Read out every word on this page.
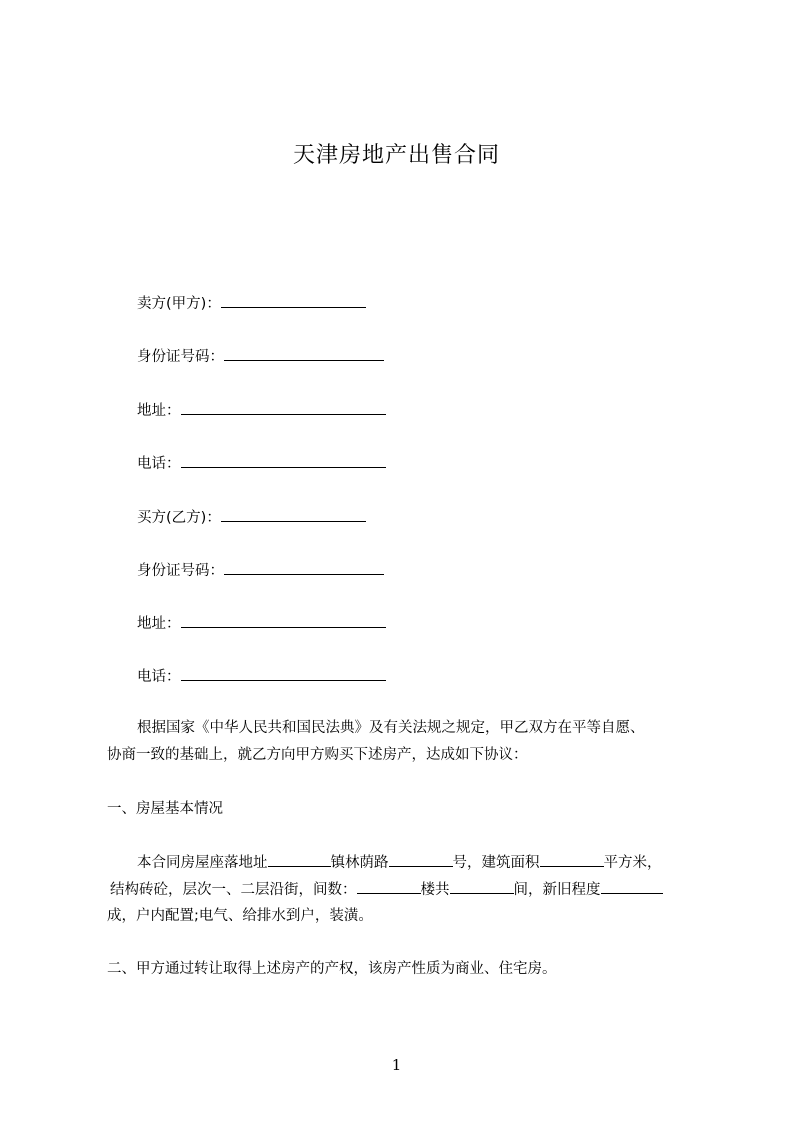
天津房地产出售合同
卖方(甲方)：
身份证号码：
地址：
电话：
买方(乙方)：
身份证号码：
地址：
电话：
根据国家《中华人民共和国民法典》及有关法规之规定，甲乙双方在平等自愿、
协商一致的基础上，就乙方向甲方购买下述房产，达成如下协议：
一、房屋基本情况
本合同房屋座落地址	镇林荫路	号，建筑面积	平方米，
结构砖砼，层次一、二层沿街，间数：	楼共	间，新旧程度
成，户内配置;电气、给排水到户，装潢。
二、甲方通过转让取得上述房产的产权，该房产性质为商业、住宅房。
1
